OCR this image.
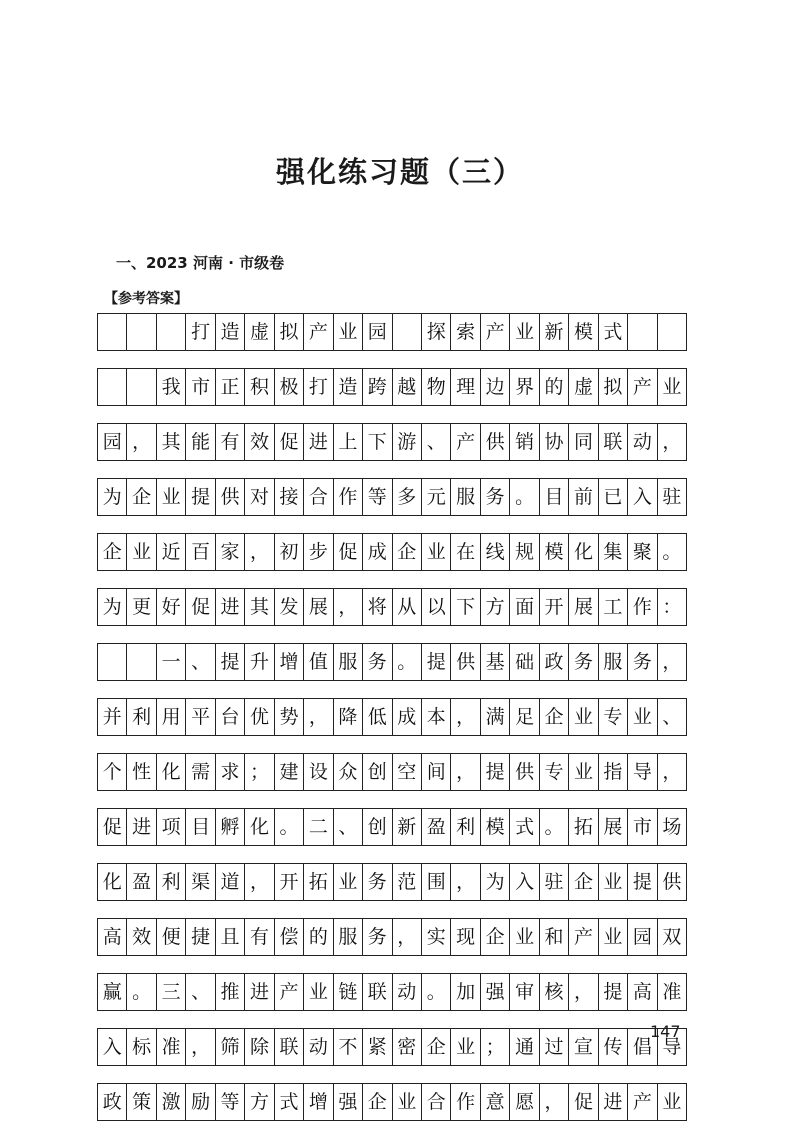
强化练习题（三）
一、2023 河南 · 市级卷
【参考答案】
打 造 虚 拟 产 业 园	探 索 产 业 新 模 式
我 市 正 积 极 打 造 跨 越 物 理 边 界 的 虚 拟 产 业
园 ， 其 能 有 效 促 进 上 下 游 、 产 供 销 协 同 联 动 ，
为 企 业 提 供 对 接 合 作 等 多 元 服 务 。 目 前 已 入 驻
企 业 近 百 家 ， 初 步 促 成 企 业 在 线 规 模 化 集 聚 。
为 更 好 促 进 其 发 展 ， 将 从 以 下 方 面 开 展 工 作 ：
一 、 提 升 增 值 服 务 。 提 供 基 础 政 务 服 务 ，
并 利 用 平 台 优 势 ， 降 低 成 本 ， 满 足 企 业 专 业 、
个 性 化 需 求 ； 建 设 众 创 空 间 ， 提 供 专 业 指 导 ，
促 进 项 目 孵 化 。 二 、 创 新 盈 利 模 式 。 拓 展 市 场
化 盈 利 渠 道 ， 开 拓 业 务 范 围 ， 为 入 驻 企 业 提 供
高 效 便 捷 且 有 偿 的 服 务 ， 实 现 企 业 和 产 业 园 双
赢 。 三 、 推 进 产 业 链 联 动 。 加 强 审 核 ， 提 高 准
入 标 准 ， 筛 除 联 动 不 紧 密 企 业 ； 通 过 宣 传 倡 导
政 策 激 励 等 方 式 增 强 企 业 合 作 意 愿 ， 促 进 产 业
147
